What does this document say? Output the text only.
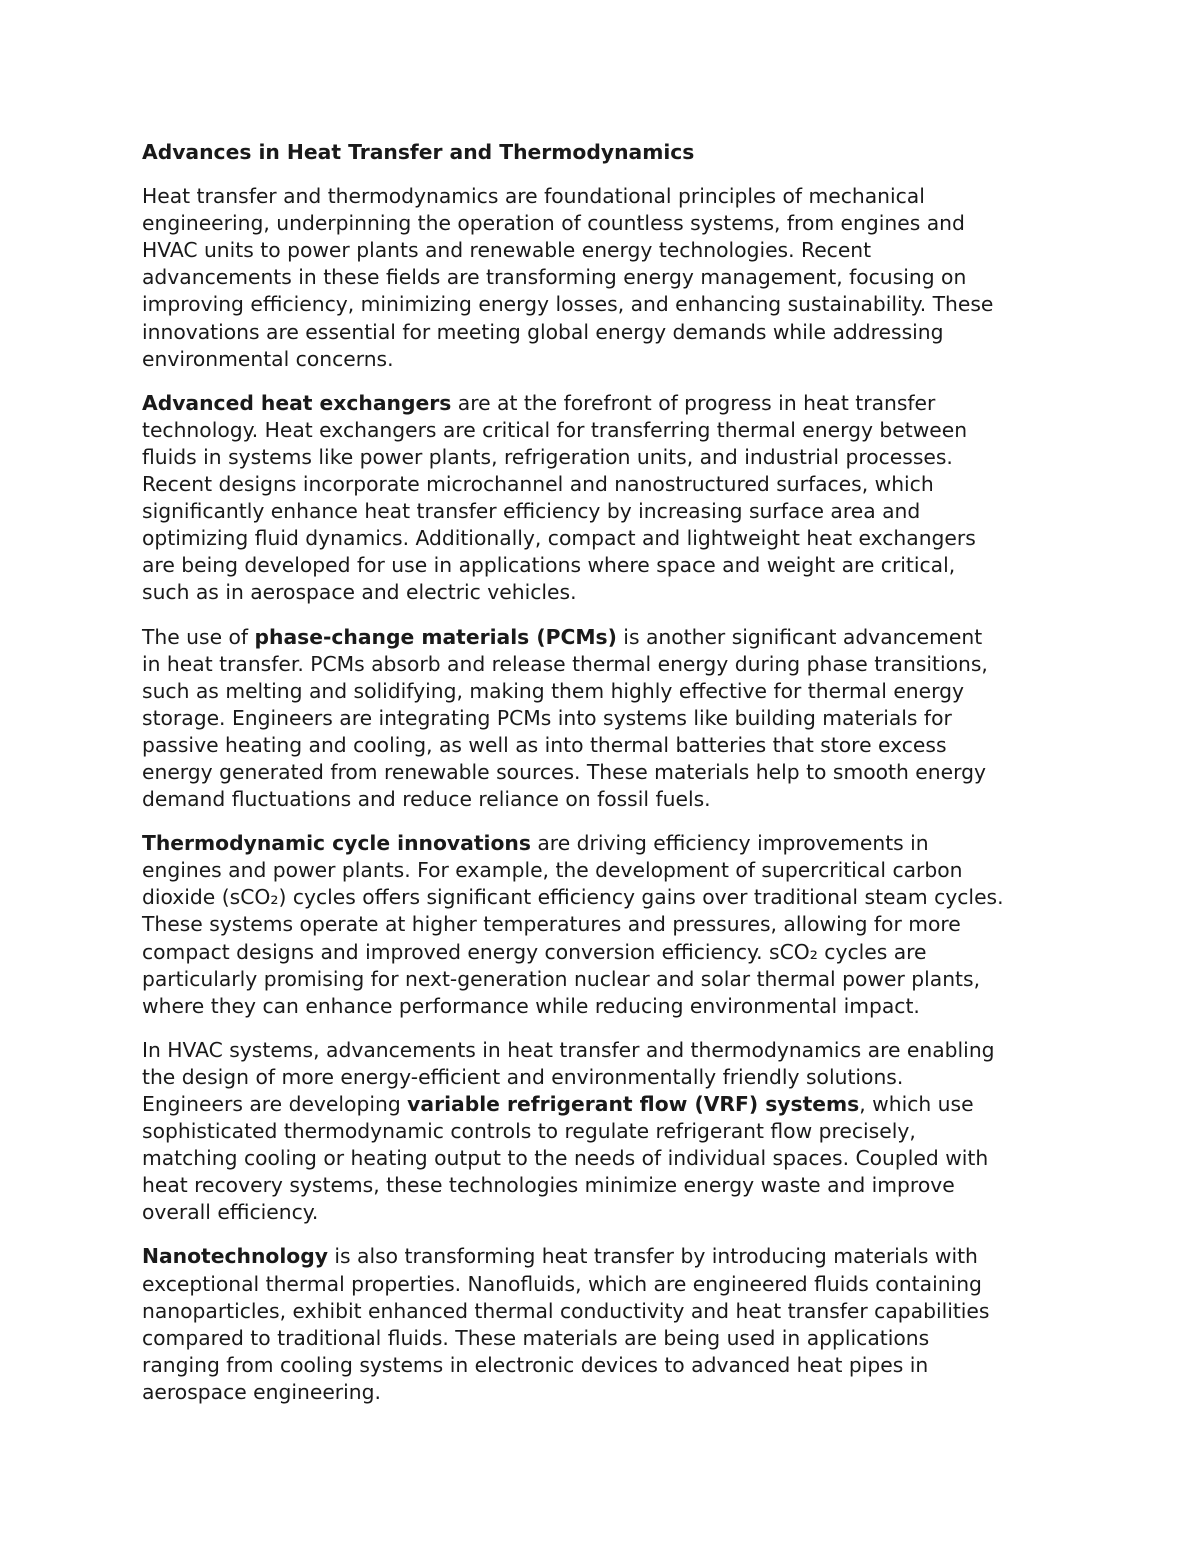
Advances in Heat Transfer and Thermodynamics
Heat transfer and thermodynamics are foundational principles of mechanical
engineering, underpinning the operation of countless systems, from engines and
HVAC units to power plants and renewable energy technologies. Recent
advancements in these fields are transforming energy management, focusing on
improving efficiency, minimizing energy losses, and enhancing sustainability. These
innovations are essential for meeting global energy demands while addressing
environmental concerns.
Advanced heat exchangers are at the forefront of progress in heat transfer
technology. Heat exchangers are critical for transferring thermal energy between
fluids in systems like power plants, refrigeration units, and industrial processes.
Recent designs incorporate microchannel and nanostructured surfaces, which
significantly enhance heat transfer efficiency by increasing surface area and
optimizing fluid dynamics. Additionally, compact and lightweight heat exchangers
are being developed for use in applications where space and weight are critical,
such as in aerospace and electric vehicles.
The use of phase-change materials (PCMs) is another significant advancement
in heat transfer. PCMs absorb and release thermal energy during phase transitions,
such as melting and solidifying, making them highly effective for thermal energy
storage. Engineers are integrating PCMs into systems like building materials for
passive heating and cooling, as well as into thermal batteries that store excess
energy generated from renewable sources. These materials help to smooth energy
demand fluctuations and reduce reliance on fossil fuels.
Thermodynamic cycle innovations are driving efficiency improvements in
engines and power plants. For example, the development of supercritical carbon
dioxide (sCO₂) cycles offers significant efficiency gains over traditional steam cycles.
These systems operate at higher temperatures and pressures, allowing for more
compact designs and improved energy conversion efficiency. sCO₂ cycles are
particularly promising for next-generation nuclear and solar thermal power plants,
where they can enhance performance while reducing environmental impact.
In HVAC systems, advancements in heat transfer and thermodynamics are enabling
the design of more energy-efficient and environmentally friendly solutions.
Engineers are developing variable refrigerant flow (VRF) systems, which use
sophisticated thermodynamic controls to regulate refrigerant flow precisely,
matching cooling or heating output to the needs of individual spaces. Coupled with
heat recovery systems, these technologies minimize energy waste and improve
overall efficiency.
Nanotechnology is also transforming heat transfer by introducing materials with
exceptional thermal properties. Nanofluids, which are engineered fluids containing
nanoparticles, exhibit enhanced thermal conductivity and heat transfer capabilities
compared to traditional fluids. These materials are being used in applications
ranging from cooling systems in electronic devices to advanced heat pipes in
aerospace engineering.
